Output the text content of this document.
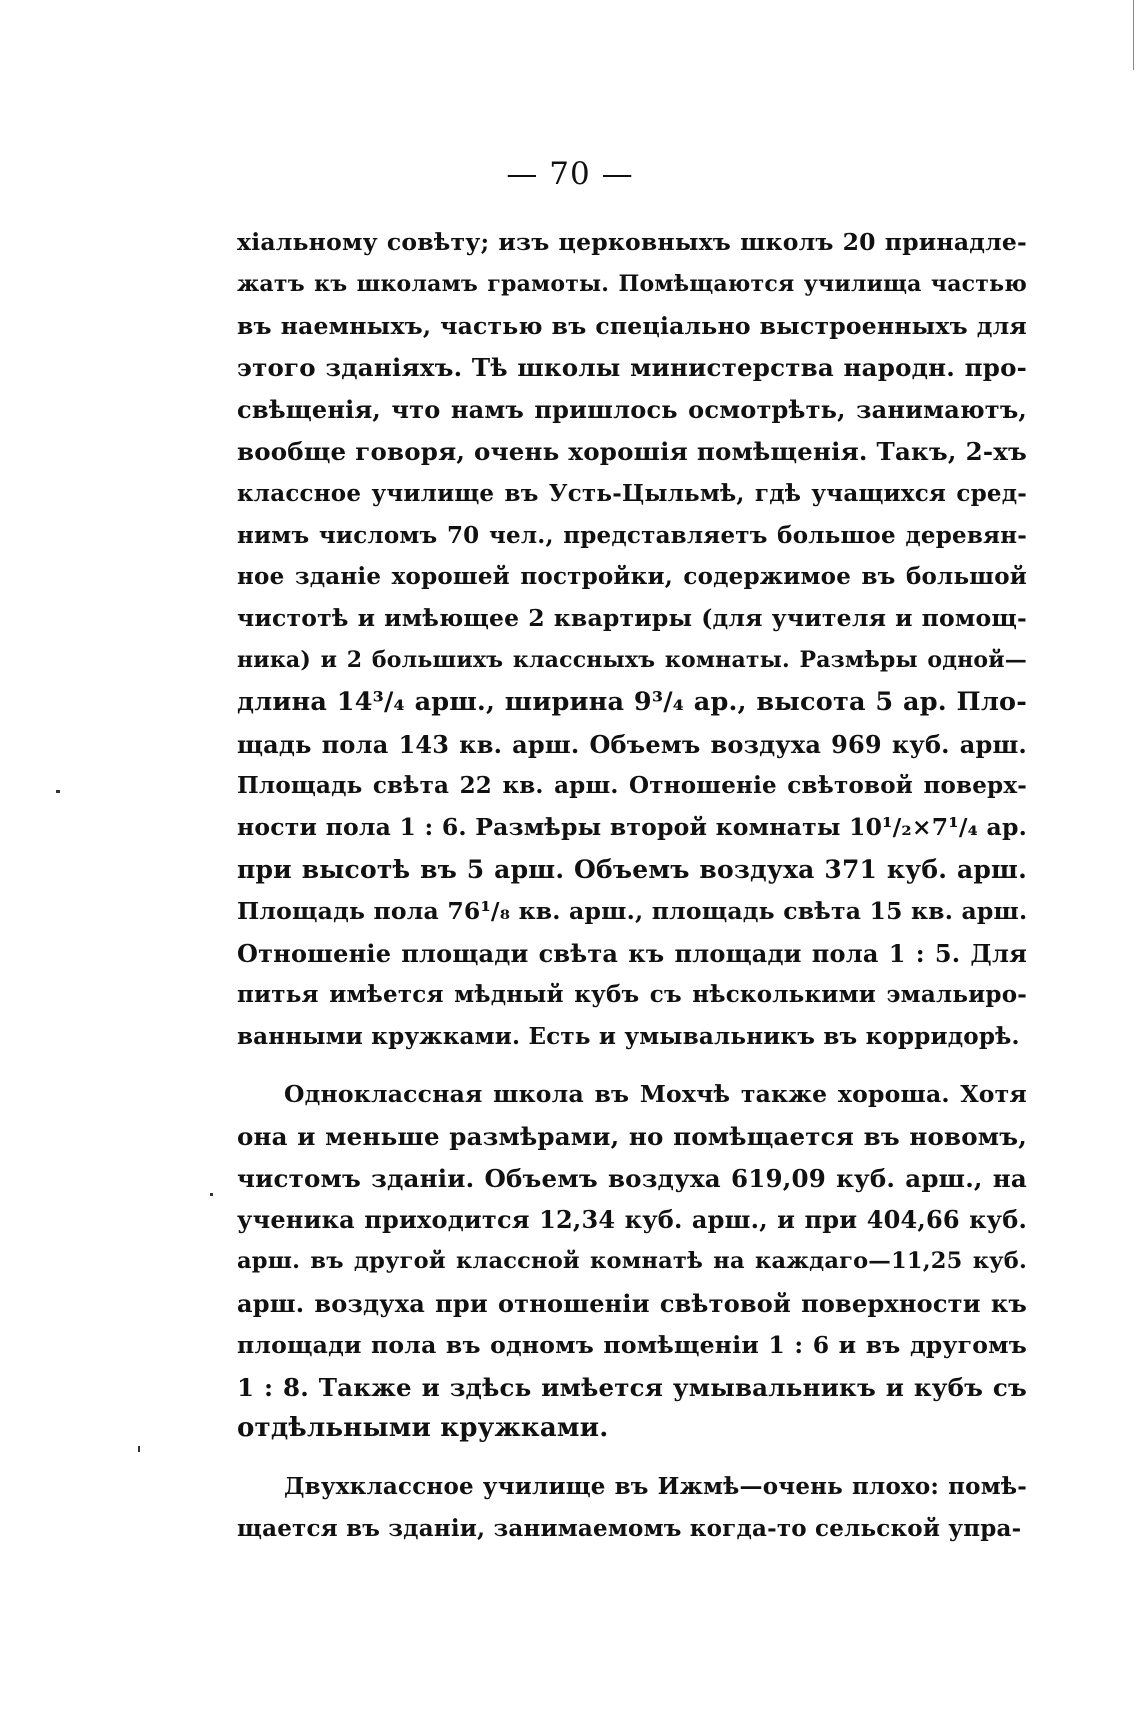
— 70 —
хіальному совѣту; изъ церковныхъ школъ 20 принадле-
жатъ къ школамъ грамоты. Помѣщаются училища частью
въ наемныхъ, частью въ спеціально выстроенныхъ для
этого зданіяхъ. Тѣ школы министерства народн. про-
свѣщенія, что намъ пришлось осмотрѣть, занимаютъ,
вообще говоря, очень хорошія помѣщенія. Такъ, 2-хъ
классное училище въ Усть-Цыльмѣ, гдѣ учащихся сред-
нимъ числомъ 70 чел., представляетъ большое деревян-
ное зданіе хорошей постройки, содержимое въ большой
чистотѣ и имѣющее 2 квартиры (для учителя и помощ-
ника) и 2 большихъ классныхъ комнаты. Размѣры одной—
длина 14³/₄ арш., ширина 9³/₄ ар., высота 5 ар. Пло-
щадь пола 143 кв. арш. Объемъ воздуха 969 куб. арш.
Площадь свѣта 22 кв. арш. Отношеніе свѣтовой поверх-
ности пола 1 : 6. Размѣры второй комнаты 10¹/₂×7¹/₄ ар.
при высотѣ въ 5 арш. Объемъ воздуха 371 куб. арш.
Площадь пола 76¹/₈ кв. арш., площадь свѣта 15 кв. арш.
Отношеніе площади свѣта къ площади пола 1 : 5. Для
питья имѣется мѣдный кубъ съ нѣсколькими эмальиро-
ванными кружками. Есть и умывальникъ въ корридорѣ.
Одноклассная школа въ Мохчѣ также хороша. Хотя
она и меньше размѣрами, но помѣщается въ новомъ,
чистомъ зданіи. Объемъ воздуха 619,09 куб. арш., на
ученика приходится 12,34 куб. арш., и при 404,66 куб.
арш. въ другой классной комнатѣ на каждаго—11,25 куб.
арш. воздуха при отношеніи свѣтовой поверхности къ
площади пола въ одномъ помѣщеніи 1 : 6 и въ другомъ
1 : 8. Также и здѣсь имѣется умывальникъ и кубъ съ
отдѣльными кружками.
Двухклассное училище въ Ижмѣ—очень плохо: помѣ-
щается въ зданіи, занимаемомъ когда-то сельской упра-
